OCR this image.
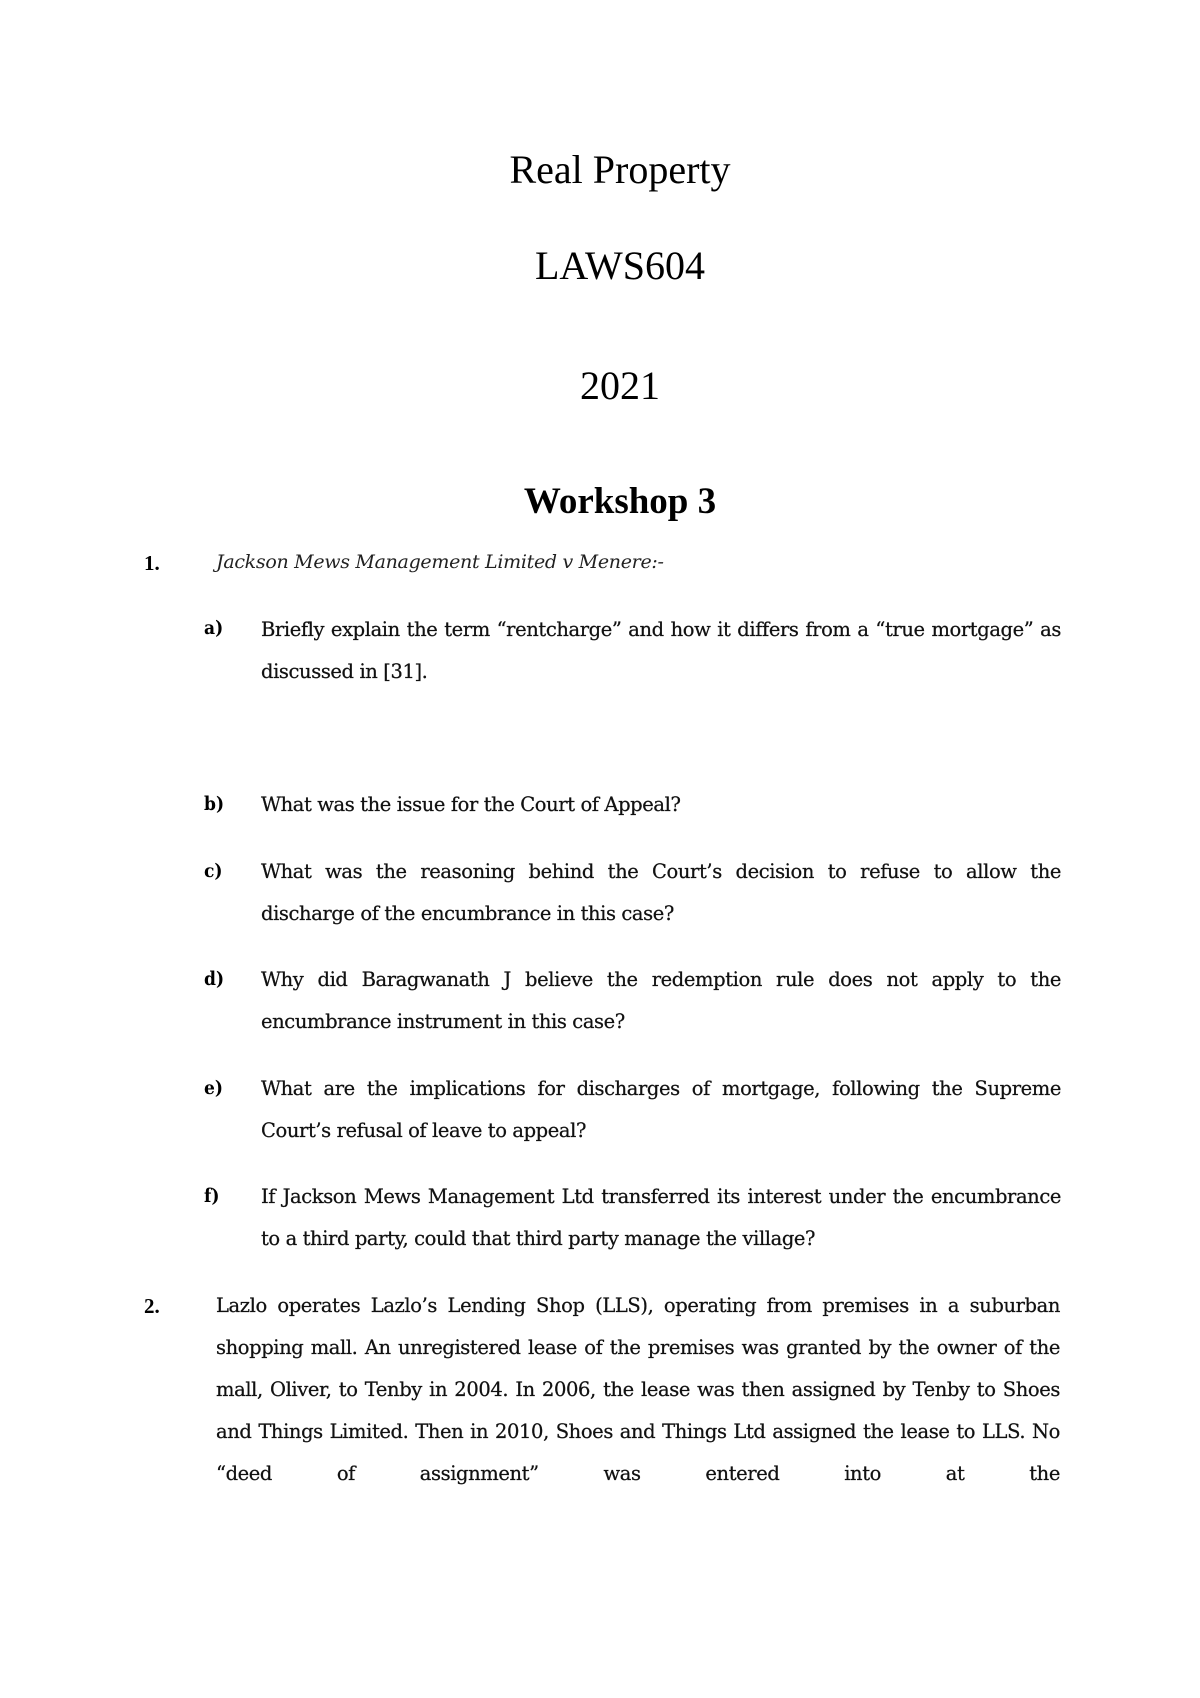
Real Property
LAWS604
2021
Workshop 3
1.	Jackson Mews Management Limited v Menere:-
a) Briefly explain the term “rentcharge” and how it differs from a “true mortgage” as discussed in [31].
b) What was the issue for the Court of Appeal?
c) What was the reasoning behind the Court’s decision to refuse to allow the discharge of the encumbrance in this case?
d) Why did Baragwanath J believe the redemption rule does not apply to the encumbrance instrument in this case?
e) What are the implications for discharges of mortgage, following the Supreme Court’s refusal of leave to appeal?
f) If Jackson Mews Management Ltd transferred its interest under the encumbrance to a third party, could that third party manage the village?
2.	Lazlo operates Lazlo’s Lending Shop (LLS), operating from premises in a suburban shopping mall. An unregistered lease of the premises was granted by the owner of the mall, Oliver, to Tenby in 2004. In 2006, the lease was then assigned by Tenby to Shoes and Things Limited. Then in 2010, Shoes and Things Ltd assigned the lease to LLS. No “deed of assignment” was entered into at the
